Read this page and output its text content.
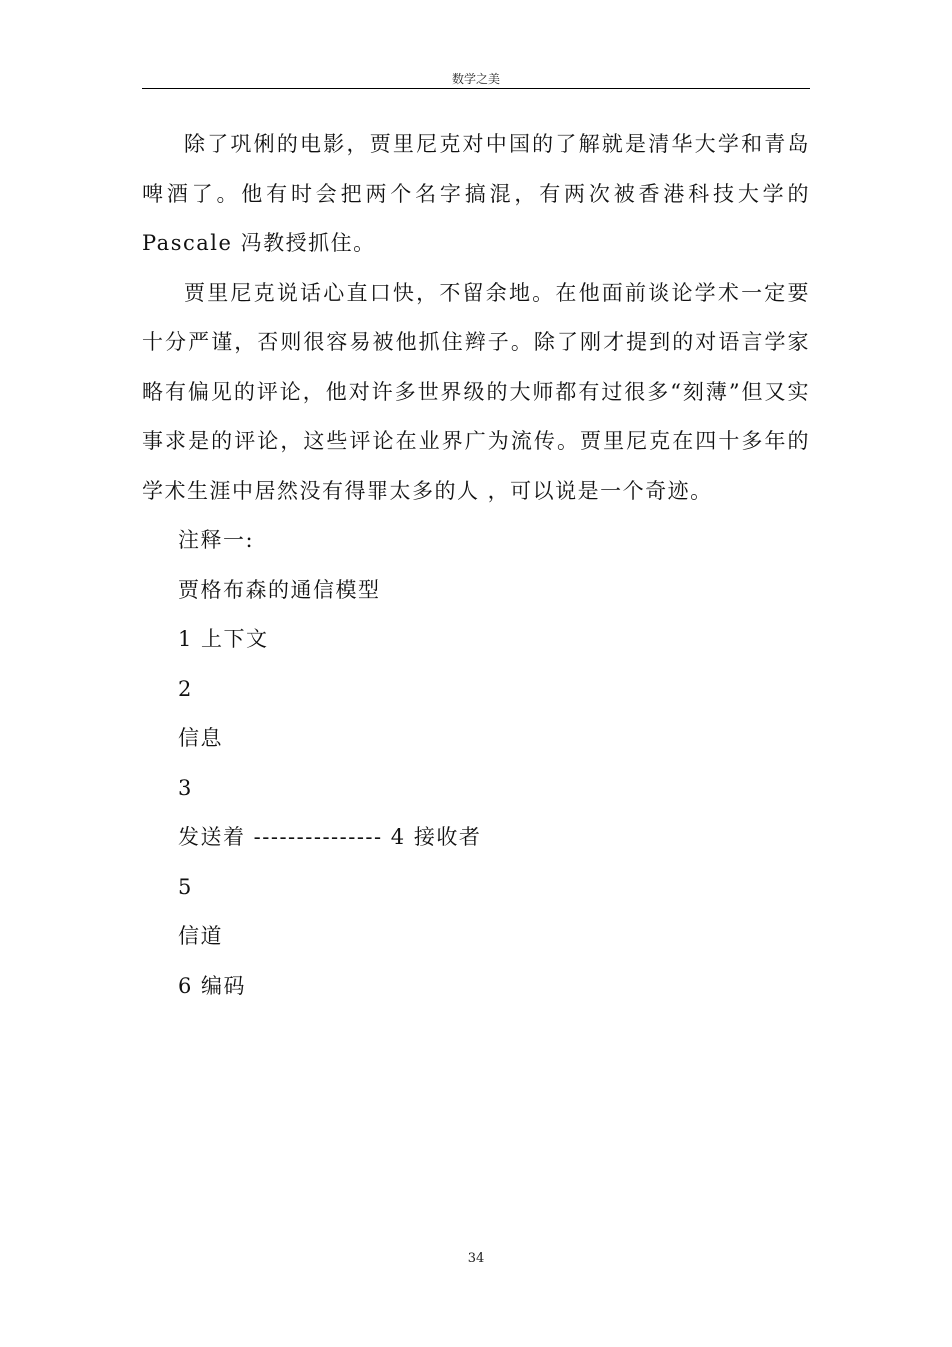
数学之美

除了巩俐的电影，贾里尼克对中国的了解就是清华大学和青岛啤酒了。他有时会把两个名字搞混，有两次被香港科技大学的 Pascale 冯教授抓住。

贾里尼克说话心直口快，不留余地。在他面前谈论学术一定要十分严谨，否则很容易被他抓住辫子。除了刚才提到的对语言学家略有偏见的评论，他对许多世界级的大师都有过很多“刻薄”但又实事求是的评论，这些评论在业界广为流传。贾里尼克在四十多年的学术生涯中居然没有得罪太多的人 ，可以说是一个奇迹。

注释一:

贾格布森的通信模型

1 上下文

2

信息

3

发送着 --------------- 4 接收者

5

信道

6 编码

34
